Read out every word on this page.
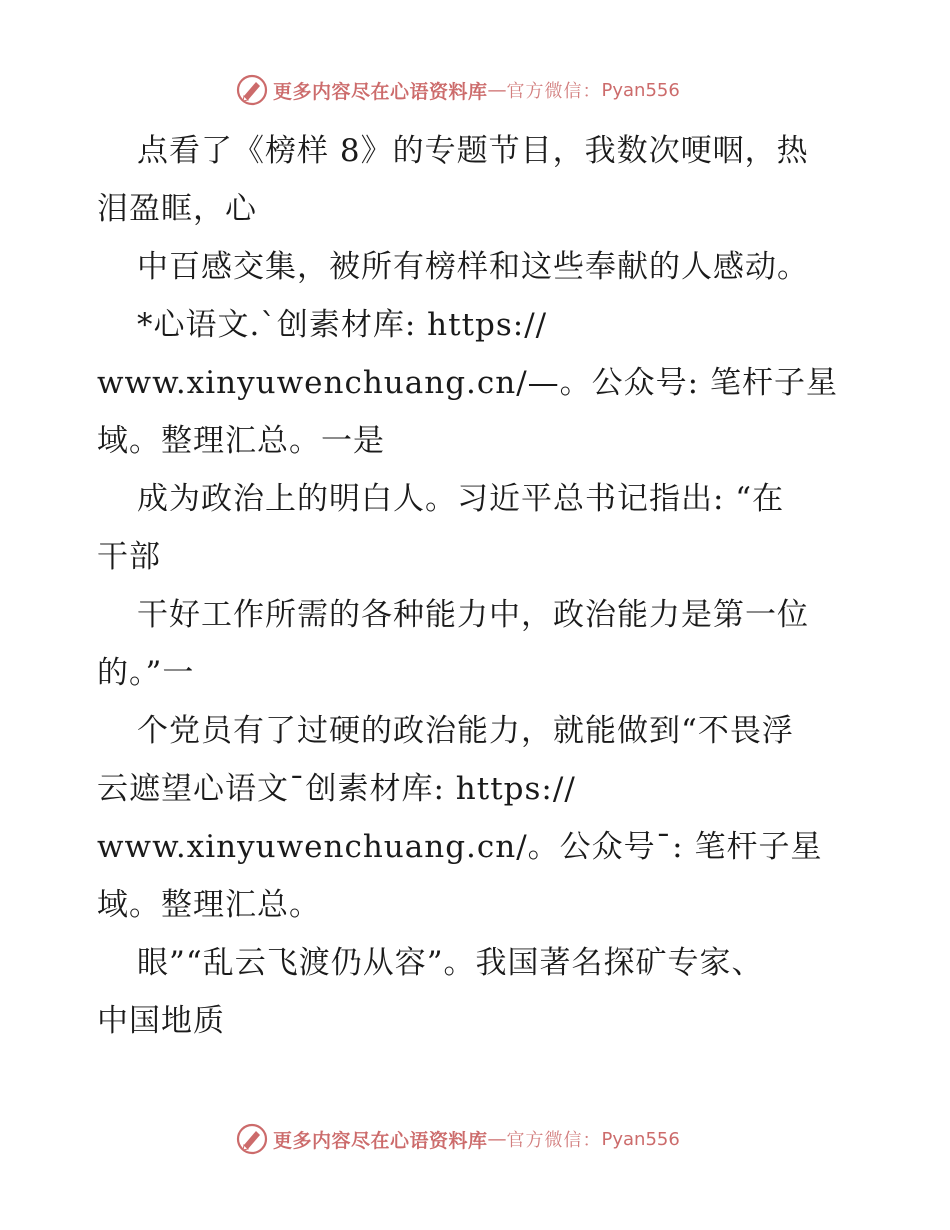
更多内容尽在心语资料库 — 官方微信： Pyan556
点看了《榜样 8》的专题节目，我数次哽咽，热
泪盈眶，心
中百感交集，被所有榜样和这些奉献的人感动。
*心语文.`创素材库: https://
www.xinyuwenchuang.cn/—。公众号: 笔杆子星
域。整理汇总。一是
成为政治上的明白人。习近平总书记指出: “在
干部
干好工作所需的各种能力中，政治能力是第一位
的。”一
个党员有了过硬的政治能力，就能做到“不畏浮
云遮望心语文¯创素材库: https://
www.xinyuwenchuang.cn/。公众号¯: 笔杆子星
域。整理汇总。
眼”“乱云飞渡仍从容”。我国著名探矿专家、
中国地质
更多内容尽在心语资料库 — 官方微信： Pyan556
